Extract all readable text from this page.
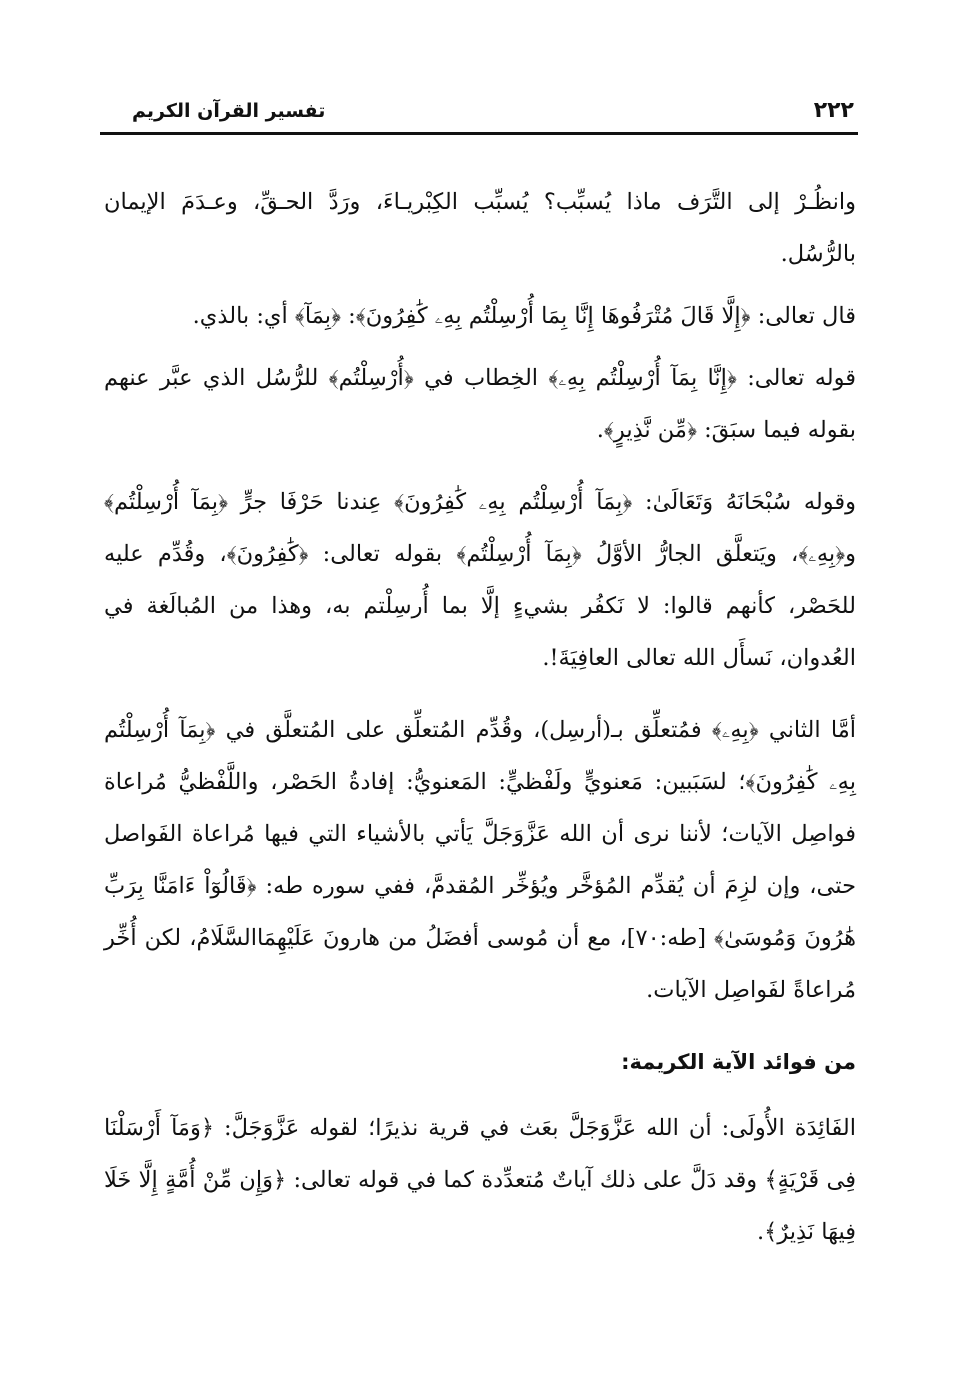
٢٢٢
تفسير القرآن الكريم

وانظُـرْ إلى التَّرَف ماذا يُسبِّب؟ يُسبِّب الكِبْريـاءَ، ورَدَّ الحـقِّ، وعـدَمَ الإيمان بالرُّسُل.

قال تعالى: ﴿إِلَّا قَالَ مُتْرَفُوهَا إِنَّا بِمَا أُرْسِلْتُم بِهِۦ كَٰفِرُونَ﴾: ﴿بِمَآ﴾ أي: بالذي.

قوله تعالى: ﴿إِنَّا بِمَآ أُرْسِلْتُم بِهِۦ﴾ الخِطاب في ﴿أُرْسِلْتُم﴾ للرُّسُل الذي عبَّر عنهم بقوله فيما سبَقَ: ﴿مِّن نَّذِيرٍ﴾.

وقوله سُبْحَانَهُ وَتَعَالَىٰ: ﴿بِمَآ أُرْسِلْتُم بِهِۦ كَٰفِرُونَ﴾ عِندنا حَرْفَا جرٍّ ﴿بِمَآ أُرْسِلْتُم﴾ و﴿بِهِۦ﴾، ويَتعلَّق الجارُّ الأوَّلُ ﴿بِمَآ أُرْسِلْتُم﴾ بقوله تعالى: ﴿كَٰفِرُونَ﴾، وقُدِّم عليه للحَصْر، كأنهم قالوا: لا نَكفُر بشيءٍ إلَّا بما أُرسِلْتم به، وهذا من المُبالَغة في العُدوان، نَسأَل الله تعالى العافِيَةَ!.

أمَّا الثاني ﴿بِهِۦ﴾ فمُتعلِّق بـ(أرسِل)، وقُدِّم المُتعلِّق على المُتعلَّق في ﴿بِمَآ أُرْسِلْتُم بِهِۦ كَٰفِرُونَ﴾؛ لسَبَبين: مَعنويٍّ ولَفْظيٍّ: المَعنويُّ: إفادةُ الحَصْر، واللَّفْظيُّ مُراعاة فواصِل الآيات؛ لأننا نرى أن الله عَزَّوَجَلَّ يَأتي بالأشياء التي فيها مُراعاة الفَواصل حتى، وإن لزِمَ أن يُقدِّم المُؤخَّر ويُؤخِّر المُقدمَّ، ففي سوره طه: ﴿قَالُوٓاْ ءَامَنَّا بِرَبِّ هَٰرُونَ وَمُوسَىٰ﴾ [طه:٧٠]، مع أن مُوسى أفضَلُ من هارونَ عَلَيْهِمَاالسَّلَامُ، لكن أُخِّر مُراعاةً لفَواصِل الآيات.

من فوائد الآية الكريمة:

الفَائِدَة الأُولَى: أن الله عَزَّوَجَلَّ بعَث في قرية نذيرًا؛ لقوله عَزَّوَجَلَّ: ﴿وَمَآ أَرْسَلْنَا فِى قَرْيَةٍ﴾ وقد دَلَّ على ذلك آياتٌ مُتعدِّدة كما في قوله تعالى: ﴿وَإِن مِّنْ أُمَّةٍ إِلَّا خَلَا فِيهَا نَذِيرٌ﴾.
